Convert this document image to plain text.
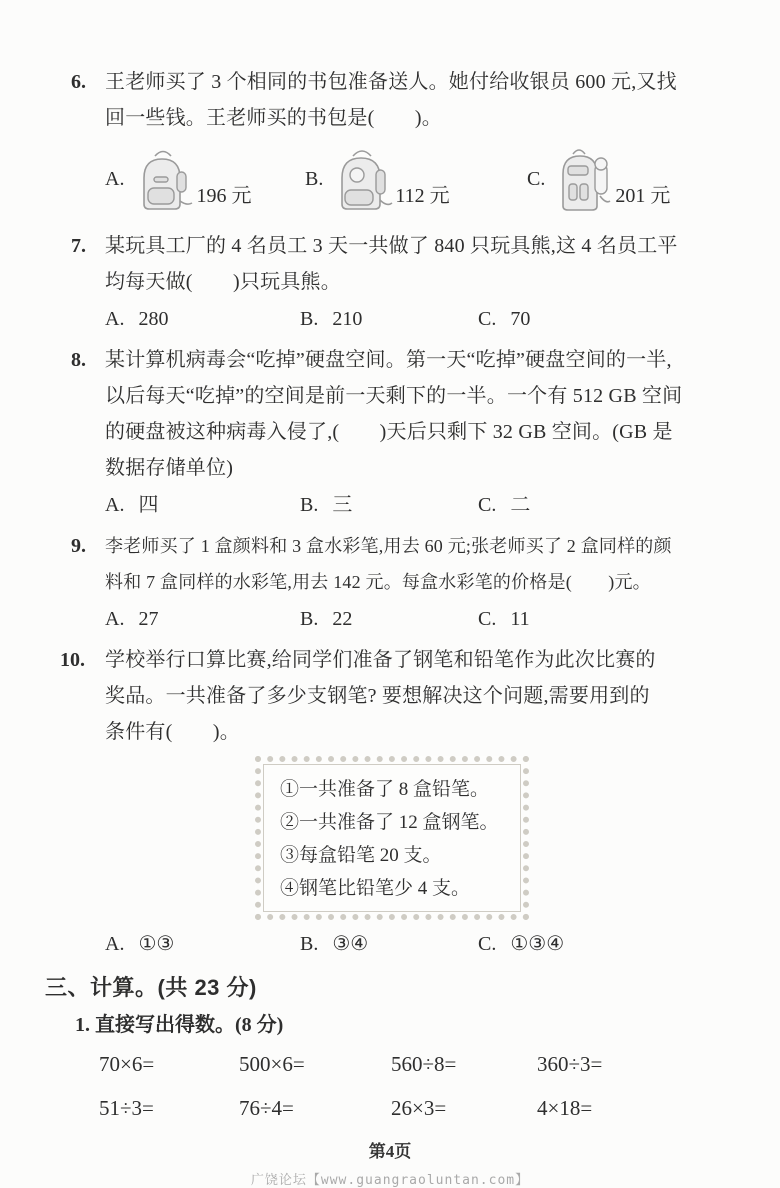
6. 王老师买了 3 个相同的书包准备送人。她付给收银员 600 元,又找
回一些钱。王老师买的书包是(　　)。
A.
196 元
B.
112 元
C.
201 元
7. 某玩具工厂的 4 名员工 3 天一共做了 840 只玩具熊,这 4 名员工平
均每天做(　　)只玩具熊。
A. 280	B. 210	C. 70
8. 某计算机病毒会“吃掉”硬盘空间。第一天“吃掉”硬盘空间的一半,
以后每天“吃掉”的空间是前一天剩下的一半。一个有 512 GB 空间
的硬盘被这种病毒入侵了,(　　)天后只剩下 32 GB 空间。(GB 是
数据存储单位)
A. 四	B. 三	C. 二
9. 李老师买了 1 盒颜料和 3 盒水彩笔,用去 60 元;张老师买了 2 盒同样的颜
料和 7 盒同样的水彩笔,用去 142 元。每盒水彩笔的价格是(　　)元。
A. 27	B. 22	C. 11
10. 学校举行口算比赛,给同学们准备了钢笔和铅笔作为此次比赛的
奖品。一共准备了多少支钢笔? 要想解决这个问题,需要用到的
条件有(　　)。
①一共准备了 8 盒铅笔。
②一共准备了 12 盒钢笔。
③每盒铅笔 20 支。
④钢笔比铅笔少 4 支。
A. ①③	B. ③④	C. ①③④
三、计算。(共 23 分)
1. 直接写出得数。(8 分)
70×6=	500×6=	560÷8=	360÷3=
51÷3=	76÷4=	26×3=	4×18=
第4页
广饶论坛【www.guangraoluntan.com】
